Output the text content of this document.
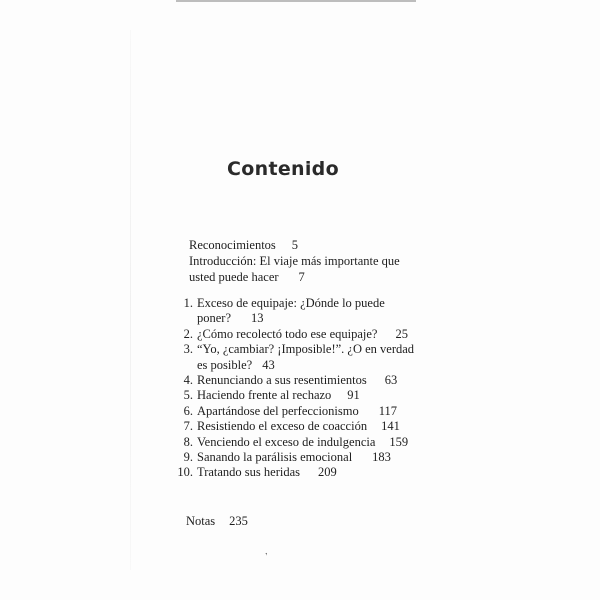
Contenido
Reconocimientos 5
Introducción: El viaje más importante que
usted puede hacer 7
1. Exceso de equipaje: ¿Dónde lo puede
poner? 13
2. ¿Cómo recolectó todo ese equipaje? 25
3. “Yo, ¿cambiar? ¡Imposible!”. ¿O en verdad
es posible? 43
4. Renunciando a sus resentimientos 63
5. Haciendo frente al rechazo 91
6. Apartándose del perfeccionismo 117
7. Resistiendo el exceso de coacción 141
8. Venciendo el exceso de indulgencia 159
9. Sanando la parálisis emocional 183
10. Tratando sus heridas 209
Notas 235
,
